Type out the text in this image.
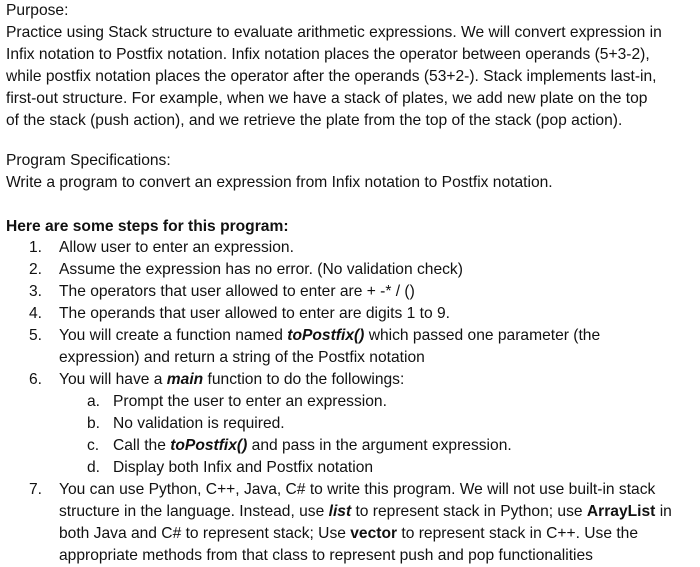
Purpose:
Practice using Stack structure to evaluate arithmetic expressions. We will convert expression in
Infix notation to Postfix notation. Infix notation places the operator between operands (5+3-2),
while postfix notation places the operator after the operands (53+2-). Stack implements last-in,
first-out structure. For example, when we have a stack of plates, we add new plate on the top
of the stack (push action), and we retrieve the plate from the top of the stack (pop action).
Program Specifications:
Write a program to convert an expression from Infix notation to Postfix notation.
Here are some steps for this program:
1. Allow user to enter an expression.
2. Assume the expression has no error. (No validation check)
3. The operators that user allowed to enter are + -* / ()
4. The operands that user allowed to enter are digits 1 to 9.
5. You will create a function named toPostfix() which passed one parameter (the
expression) and return a string of the Postfix notation
6. You will have a main function to do the followings:
a. Prompt the user to enter an expression.
b. No validation is required.
c. Call the toPostfix() and pass in the argument expression.
d. Display both Infix and Postfix notation
7. You can use Python, C++, Java, C# to write this program. We will not use built-in stack
structure in the language. Instead, use list to represent stack in Python; use ArrayList in
both Java and C# to represent stack; Use vector to represent stack in C++. Use the
appropriate methods from that class to represent push and pop functionalities
